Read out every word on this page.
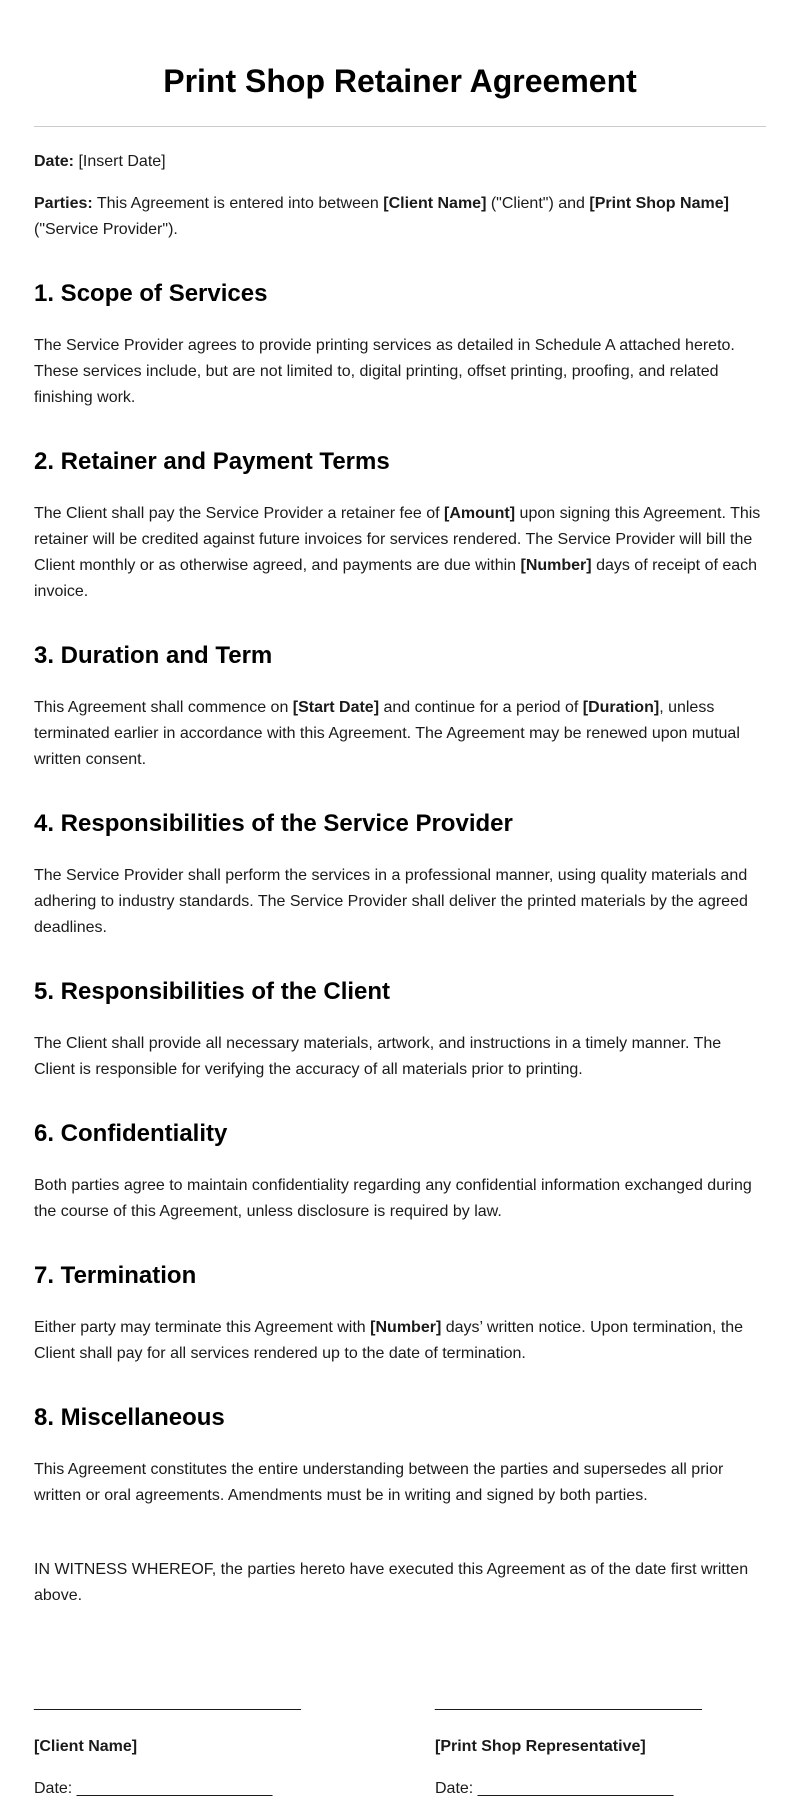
Print Shop Retainer Agreement

Date: [Insert Date]

Parties: This Agreement is entered into between [Client Name] ("Client") and [Print Shop Name] ("Service Provider").

1. Scope of Services

The Service Provider agrees to provide printing services as detailed in Schedule A attached hereto. These services include, but are not limited to, digital printing, offset printing, proofing, and related finishing work.

2. Retainer and Payment Terms

The Client shall pay the Service Provider a retainer fee of [Amount] upon signing this Agreement. This retainer will be credited against future invoices for services rendered. The Service Provider will bill the Client monthly or as otherwise agreed, and payments are due within [Number] days of receipt of each invoice.

3. Duration and Term

This Agreement shall commence on [Start Date] and continue for a period of [Duration], unless terminated earlier in accordance with this Agreement. The Agreement may be renewed upon mutual written consent.

4. Responsibilities of the Service Provider

The Service Provider shall perform the services in a professional manner, using quality materials and adhering to industry standards. The Service Provider shall deliver the printed materials by the agreed deadlines.

5. Responsibilities of the Client

The Client shall provide all necessary materials, artwork, and instructions in a timely manner. The Client is responsible for verifying the accuracy of all materials prior to printing.

6. Confidentiality

Both parties agree to maintain confidentiality regarding any confidential information exchanged during the course of this Agreement, unless disclosure is required by law.

7. Termination

Either party may terminate this Agreement with [Number] days’ written notice. Upon termination, the Client shall pay for all services rendered up to the date of termination.

8. Miscellaneous

This Agreement constitutes the entire understanding between the parties and supersedes all prior written or oral agreements. Amendments must be in writing and signed by both parties.

IN WITNESS WHEREOF, the parties hereto have executed this Agreement as of the date first written above.

______________________________
[Client Name]
Date: ______________________
______________________________
[Print Shop Representative]
Date: ______________________
